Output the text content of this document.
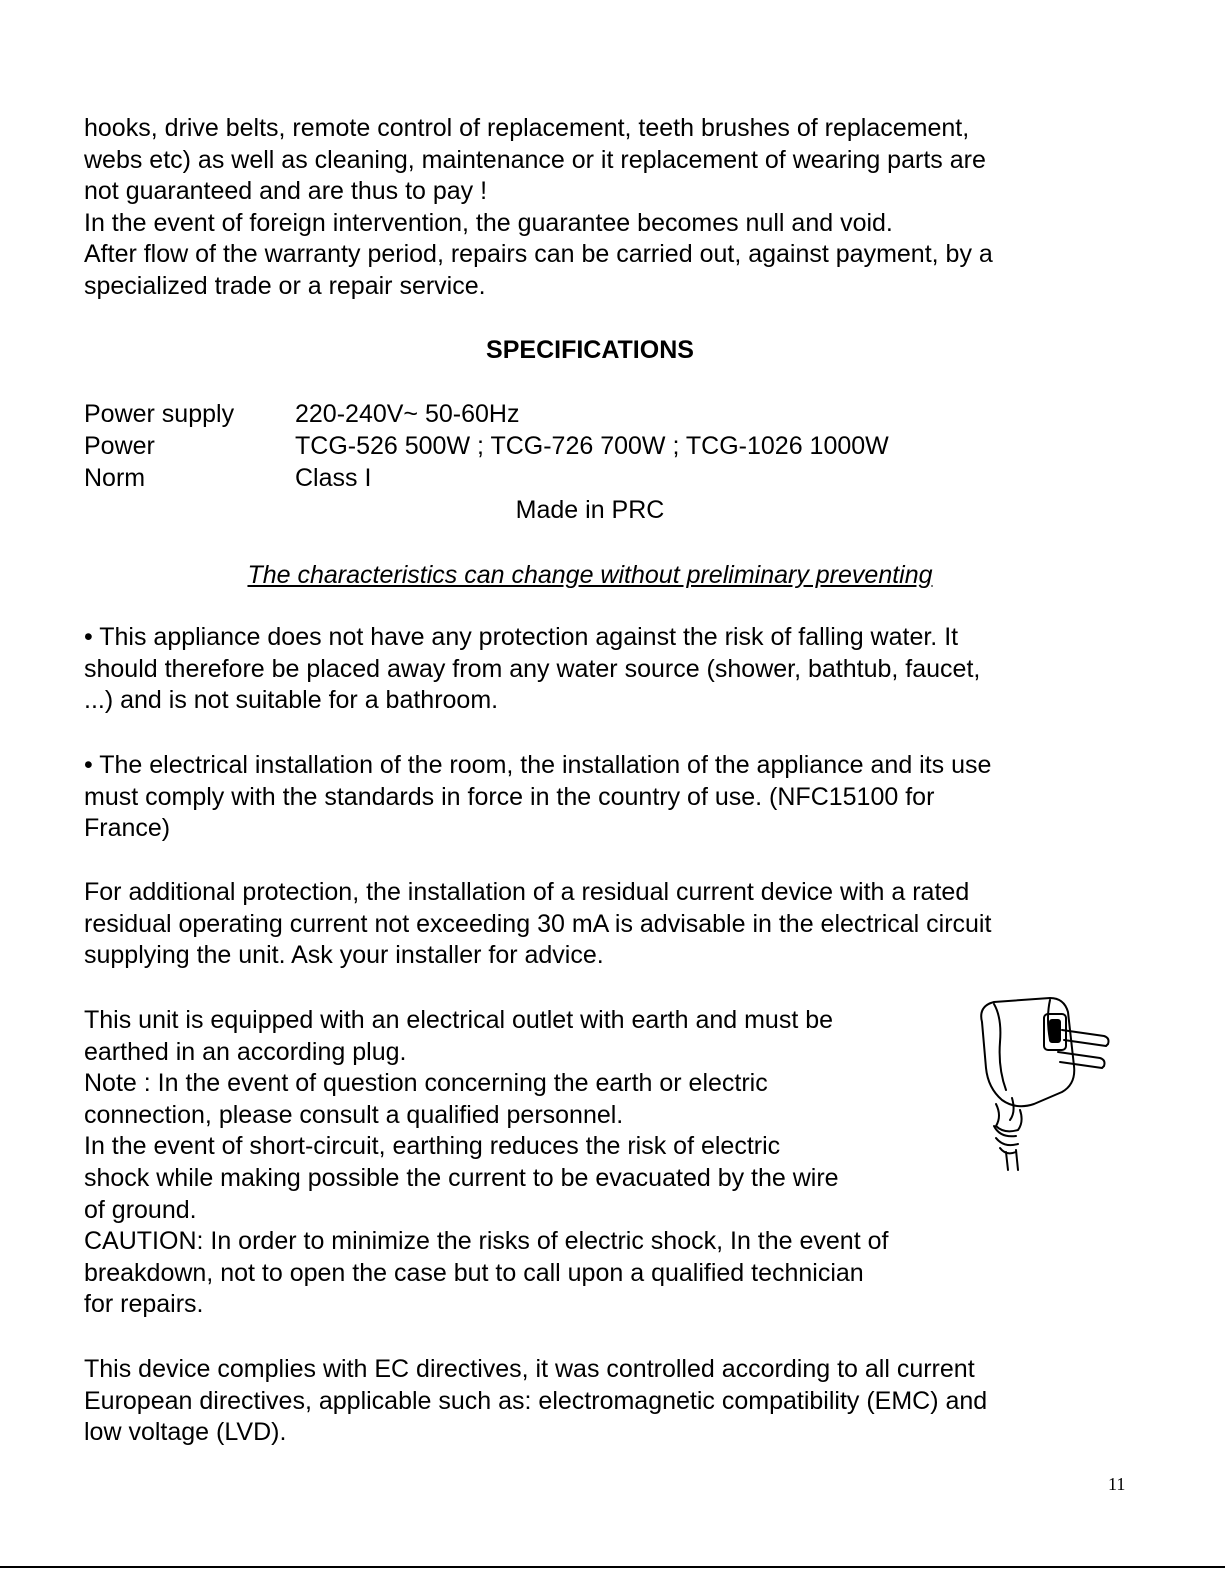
hooks, drive belts, remote control of replacement, teeth brushes of replacement,

webs etc) as well as cleaning, maintenance or it replacement of wearing parts are

not guaranteed and are thus to pay !

In the event of foreign intervention, the guarantee becomes null and void.

After flow of the warranty period, repairs can be carried out, against payment, by a

specialized trade or a repair service.

SPECIFICATIONS
Power supply	220-240V~ 50-60Hz
Power	TCG-526 500W ; TCG-726 700W ; TCG-1026 1000W
Norm	Class I
Made in PRC
The characteristics can change without preliminary preventing

• This appliance does not have any protection against the risk of falling water. It

should therefore be placed away from any water source (shower, bathtub, faucet,

...) and is not suitable for a bathroom.

• The electrical installation of the room, the installation of the appliance and its use

must comply with the standards in force in the country of use. (NFC15100 for

France)

For additional protection, the installation of a residual current device with a rated

residual operating current not exceeding 30 mA is advisable in the electrical circuit

supplying the unit. Ask your installer for advice.

This unit is equipped with an electrical outlet with earth and must be

earthed in an according plug.

Note : In the event of question concerning the earth or electric

connection, please consult a qualified personnel.

In the event of short-circuit, earthing reduces the risk of electric

shock while making possible the current to be evacuated by the wire

of ground.

CAUTION: In order to minimize the risks of electric shock, In the event of

breakdown, not to open the case but to call upon a qualified technician

for repairs.

This device complies with EC directives, it was controlled according to all current

European directives, applicable such as: electromagnetic compatibility (EMC) and

low voltage (LVD).

11
